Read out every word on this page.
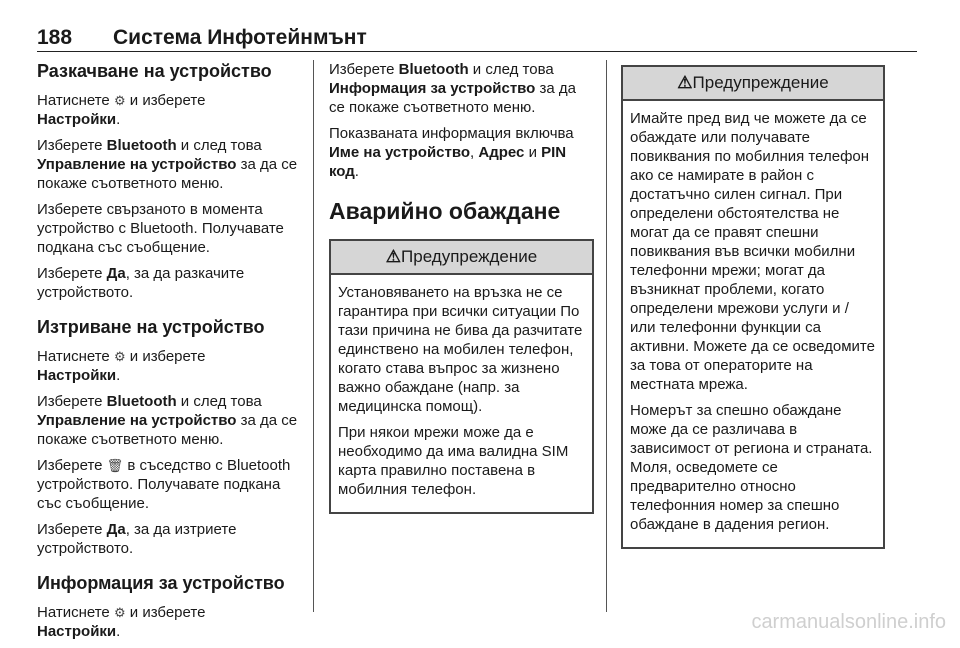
188 Система Инфотейнмънт
Разкачване на устройство

Натиснете ⚙ и изберете
Настройки.

Изберете Bluetooth и след това
Управление на устройство за да се покаже съответното меню.

Изберете свързаното в момента устройство с Bluetooth. Получавате подкана със съобщение.

Изберете Да, за да разкачите устройството.

Изтриване на устройство

Натиснете ⚙ и изберете
Настройки.

Изберете Bluetooth и след това
Управление на устройство за да се покаже съответното меню.

Изберете 🗑 в съседство с Bluetooth устройството. Получавате подкана със съобщение.

Изберете Да, за да изтриете устройството.

Информация за устройство

Натиснете ⚙ и изберете
Настройки.

Изберете Bluetooth и след това
Информация за устройство за да се покаже съответното меню.

Показваната информация включва Име на устройство, Адрес и PIN код.

Аварийно обаждане
⚠Предупреждение

Установяването на връзка не се гарантира при всички ситуации По тази причина не бива да разчитате единствено на мобилен телефон, когато става въпрос за жизнено важно обаждане (напр. за медицинска помощ).

При някои мрежи може да е необходимо да има валидна SIM карта правилно поставена в мобилния телефон.

⚠Предупреждение

Имайте пред вид че можете да се обаждате или получавате повиквания по мобилния телефон ако се намирате в район с достатъчно силен сигнал. При определени обстоятелства не могат да се правят спешни повиквания във всички мобилни телефонни мрежи; могат да възникнат проблеми, когато определени мрежови услуги и / или телефонни функции са активни. Можете да се осведомите за това от операторите на местната мрежа.

Номерът за спешно обаждане може да се различава в зависимост от региона и страната. Моля, осведомете се предварително относно телефонния номер за спешно обаждане в дадения регион.

carmanualsonline.info
